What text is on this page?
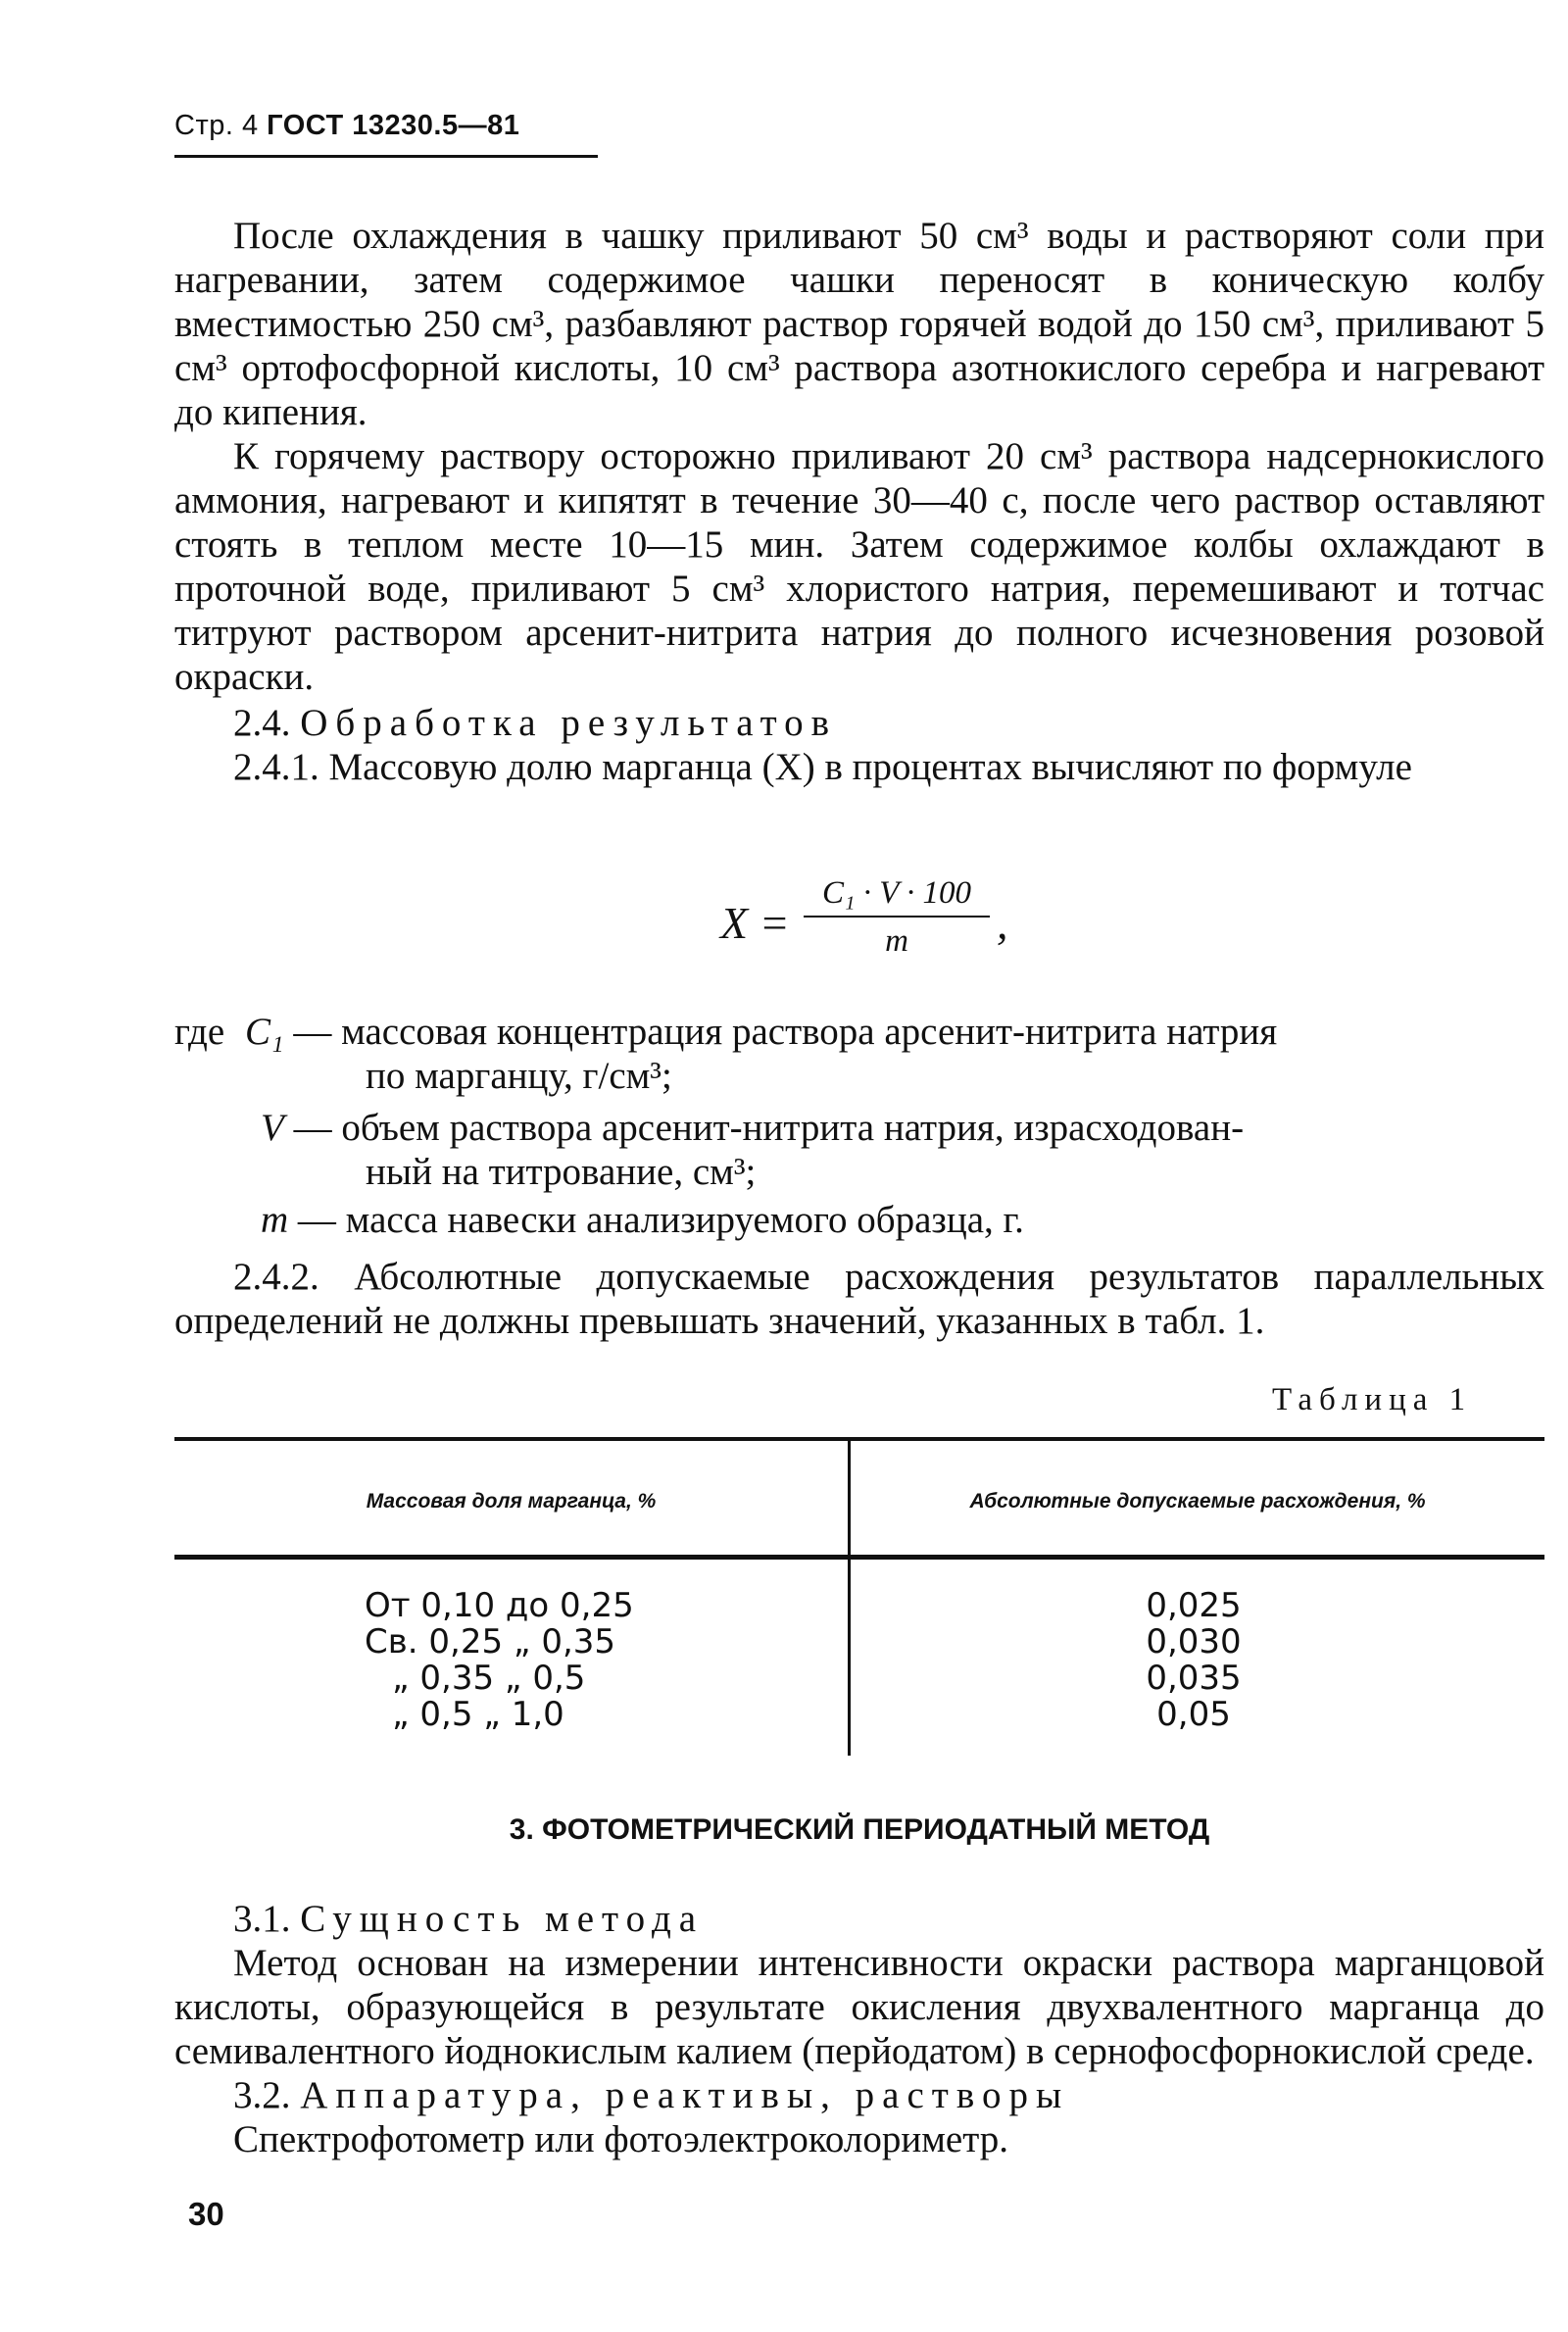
Стр. 4 ГОСТ 13230.5—81

После охлаждения в чашку приливают 50 см³ воды и растворяют соли при нагревании, затем содержимое чашки переносят в коническую колбу вместимостью 250 см³, разбавляют раствор горячей водой до 150 см³, приливают 5 см³ ортофосфорной кислоты, 10 см³ раствора азотнокислого серебра и нагревают до кипения.

К горячему раствору осторожно приливают 20 см³ раствора надсернокислого аммония, нагревают и кипятят в течение 30—40 с, после чего раствор оставляют стоять в теплом месте 10—15 мин. Затем содержимое колбы охлаждают в проточной воде, приливают 5 см³ хлористого натрия, перемешивают и тотчас титруют раствором арсенит-нитрита натрия до полного исчезновения розовой окраски.

2.4. Обработка результатов

2.4.1. Массовую долю марганца (X) в процентах вычисляют по формуле

$X = \frac{\text{C₁ · V · 100}}{m}$ ,
где C₁ — массовая концентрация раствора арсенит-нитрита натрия
по марганцу, г/см³;
V — объем раствора арсенит-нитрита натрия, израсходован-
ный на титрование, см³;
m — масса навески анализируемого образца, г.

2.4.2. Абсолютные допускаемые расхождения результатов параллельных определений не должны превышать значений, указанных в табл. 1.

Таблица 1
Массовая доля марганца, %	Абсолютные допускаемые расхождения, %
От 0,10 до 0,25
Св. 0,25 „ 0,35
„ 0,35 „ 0,5
„ 0,5 „ 1,0
0,025
0,030
0,035
0,05
3. ФОТОМЕТРИЧЕСКИЙ ПЕРИОДАТНЫЙ МЕТОД

3.1. Сущность метода

Метод основан на измерении интенсивности окраски раствора марганцовой кислоты, образующейся в результате окисления двухвалентного марганца до семивалентного йоднокислым калием (перйодатом) в сернофосфорнокислой среде.

3.2. Аппаратура, реактивы, растворы

Спектрофотометр или фотоэлектроколориметр.

30
